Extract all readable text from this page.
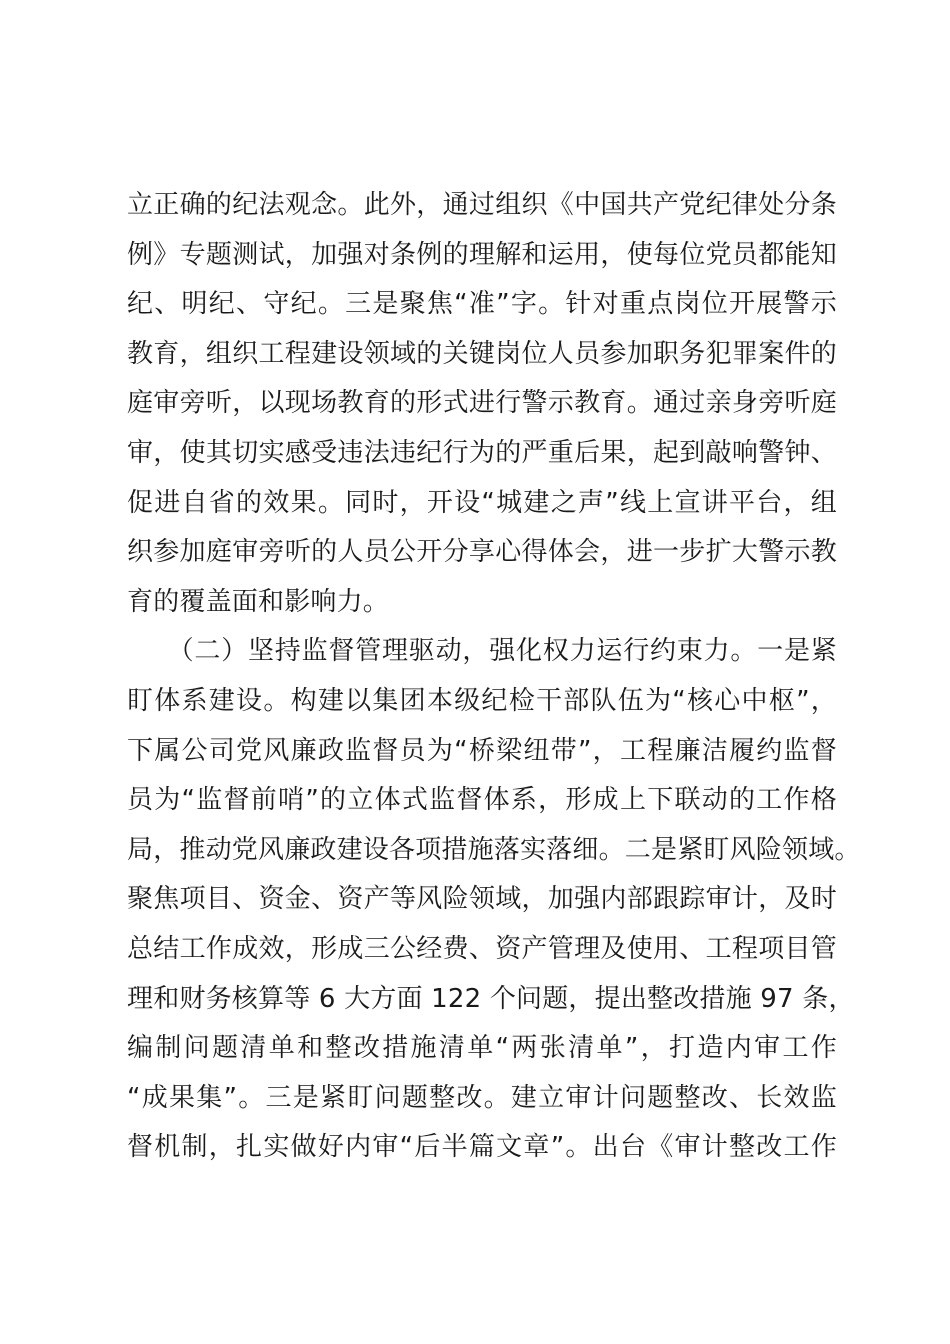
立正确的纪法观念。此外，通过组织《中国共产党纪律处分条
例》专题测试，加强对条例的理解和运用，使每位党员都能知
纪、明纪、守纪。三是聚焦“准”字。针对重点岗位开展警示
教育，组织工程建设领域的关键岗位人员参加职务犯罪案件的
庭审旁听，以现场教育的形式进行警示教育。通过亲身旁听庭
审，使其切实感受违法违纪行为的严重后果，起到敲响警钟、
促进自省的效果。同时，开设“城建之声”线上宣讲平台，组
织参加庭审旁听的人员公开分享心得体会，进一步扩大警示教
育的覆盖面和影响力。
　　（二）坚持监督管理驱动，强化权力运行约束力。一是紧
盯体系建设。构建以集团本级纪检干部队伍为“核心中枢”，
下属公司党风廉政监督员为“桥梁纽带”，工程廉洁履约监督
员为“监督前哨”的立体式监督体系，形成上下联动的工作格
局，推动党风廉政建设各项措施落实落细。二是紧盯风险领域。
聚焦项目、资金、资产等风险领域，加强内部跟踪审计，及时
总结工作成效，形成三公经费、资产管理及使用、工程项目管
理和财务核算等 6 大方面 122 个问题，提出整改措施 97 条，
编制问题清单和整改措施清单“两张清单”，打造内审工作
“成果集”。三是紧盯问题整改。建立审计问题整改、长效监
督机制，扎实做好内审“后半篇文章”。出台《审计整改工作
